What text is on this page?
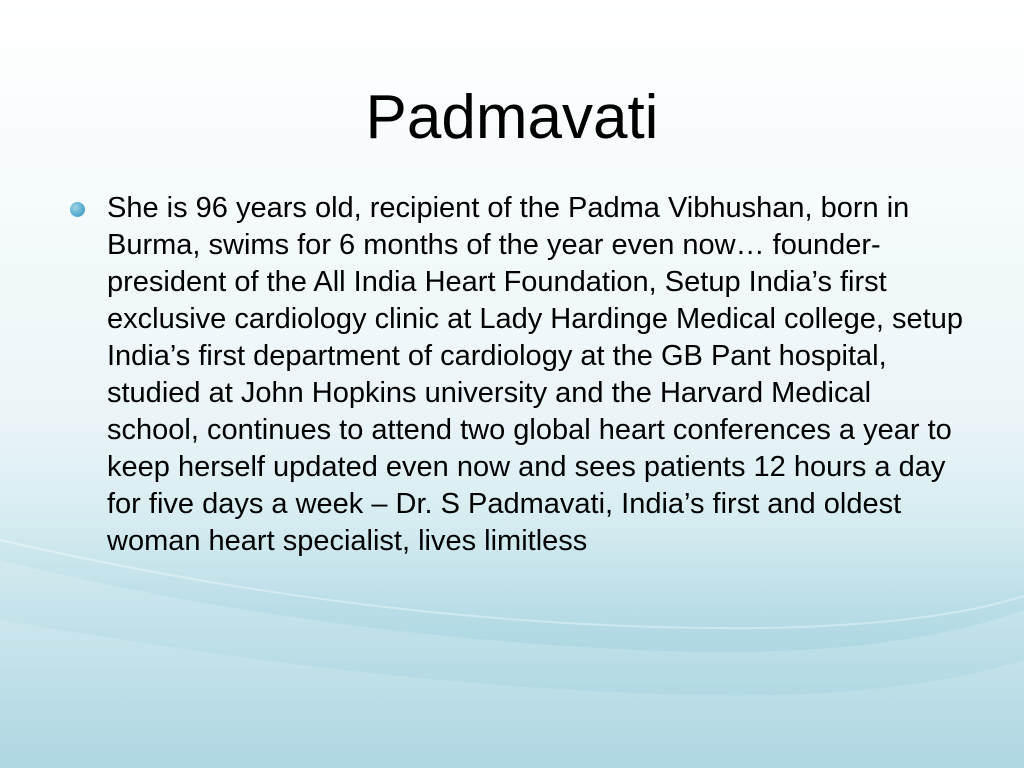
Padmavati
She is 96 years old, recipient of the Padma Vibhushan, born in Burma, swims for 6 months of the year even now… founder-president of the All India Heart Foundation, Setup India’s first exclusive cardiology clinic at Lady Hardinge Medical college, setup India’s first department of cardiology at the GB Pant hospital, studied at John Hopkins university and the Harvard Medical school, continues to attend two global heart conferences a year to keep herself updated even now and sees patients 12 hours a day for five days a week – Dr. S Padmavati, India’s first and oldest woman heart specialist, lives limitless
